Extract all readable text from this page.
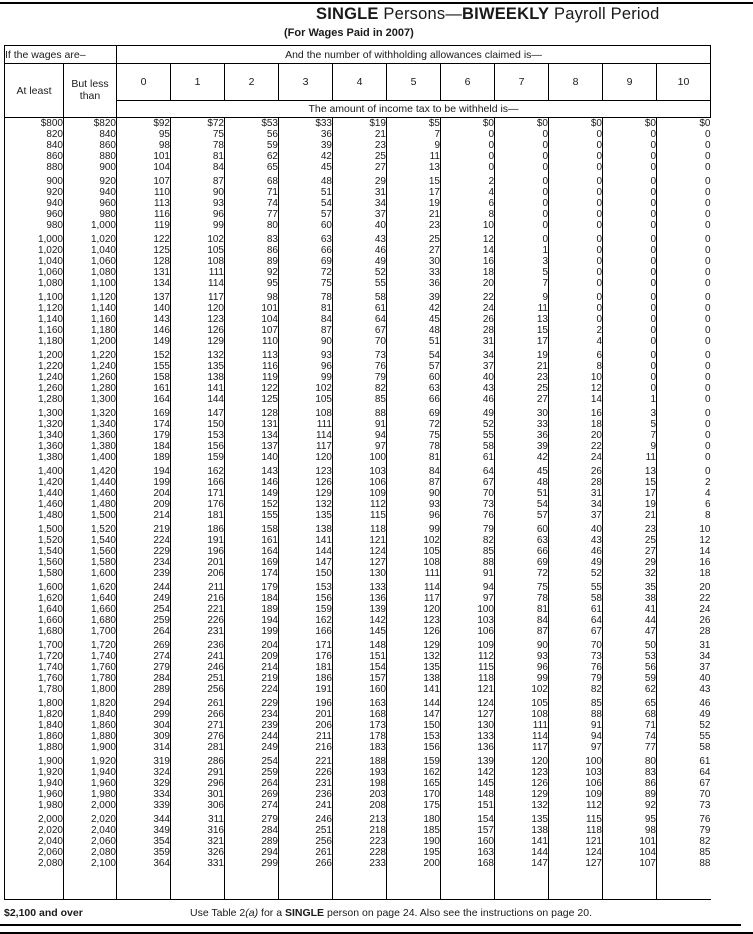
SINGLE Persons—BIWEEKLY Payroll Period
(For Wages Paid in 2007)
If the wages are–		And the number of withholding allowances claimed is—										
At least	But less
than	0	1	2	3	4	5	6	7	8	9	10
		The amount of income tax to be withheld is—										
$800	$820	$92	$72	$53	$33	$19	$5	$0	$0	$0	$0	$0
820	840	95	75	56	36	21	7	0	0	0	0	0
840	860	98	78	59	39	23	9	0	0	0	0	0
860	880	101	81	62	42	25	11	0	0	0	0	0
880	900	104	84	65	45	27	13	0	0	0	0	0

900	920	107	87	68	48	29	15	2	0	0	0	0
920	940	110	90	71	51	31	17	4	0	0	0	0
940	960	113	93	74	54	34	19	6	0	0	0	0
960	980	116	96	77	57	37	21	8	0	0	0	0
980	1,000	119	99	80	60	40	23	10	0	0	0	0

1,000	1,020	122	102	83	63	43	25	12	0	0	0	0
1,020	1,040	125	105	86	66	46	27	14	1	0	0	0
1,040	1,060	128	108	89	69	49	30	16	3	0	0	0
1,060	1,080	131	111	92	72	52	33	18	5	0	0	0
1,080	1,100	134	114	95	75	55	36	20	7	0	0	0

1,100	1,120	137	117	98	78	58	39	22	9	0	0	0
1,120	1,140	140	120	101	81	61	42	24	11	0	0	0
1,140	1,160	143	123	104	84	64	45	26	13	0	0	0
1,160	1,180	146	126	107	87	67	48	28	15	2	0	0
1,180	1,200	149	129	110	90	70	51	31	17	4	0	0

1,200	1,220	152	132	113	93	73	54	34	19	6	0	0
1,220	1,240	155	135	116	96	76	57	37	21	8	0	0
1,240	1,260	158	138	119	99	79	60	40	23	10	0	0
1,260	1,280	161	141	122	102	82	63	43	25	12	0	0
1,280	1,300	164	144	125	105	85	66	46	27	14	1	0

1,300	1,320	169	147	128	108	88	69	49	30	16	3	0
1,320	1,340	174	150	131	111	91	72	52	33	18	5	0
1,340	1,360	179	153	134	114	94	75	55	36	20	7	0
1,360	1,380	184	156	137	117	97	78	58	39	22	9	0
1,380	1,400	189	159	140	120	100	81	61	42	24	11	0

1,400	1,420	194	162	143	123	103	84	64	45	26	13	0
1,420	1,440	199	166	146	126	106	87	67	48	28	15	2
1,440	1,460	204	171	149	129	109	90	70	51	31	17	4
1,460	1,480	209	176	152	132	112	93	73	54	34	19	6
1,480	1,500	214	181	155	135	115	96	76	57	37	21	8

1,500	1,520	219	186	158	138	118	99	79	60	40	23	10
1,520	1,540	224	191	161	141	121	102	82	63	43	25	12
1,540	1,560	229	196	164	144	124	105	85	66	46	27	14
1,560	1,580	234	201	169	147	127	108	88	69	49	29	16
1,580	1,600	239	206	174	150	130	111	91	72	52	32	18

1,600	1,620	244	211	179	153	133	114	94	75	55	35	20
1,620	1,640	249	216	184	156	136	117	97	78	58	38	22
1,640	1,660	254	221	189	159	139	120	100	81	61	41	24
1,660	1,680	259	226	194	162	142	123	103	84	64	44	26
1,680	1,700	264	231	199	166	145	126	106	87	67	47	28

1,700	1,720	269	236	204	171	148	129	109	90	70	50	31
1,720	1,740	274	241	209	176	151	132	112	93	73	53	34
1,740	1,760	279	246	214	181	154	135	115	96	76	56	37
1,760	1,780	284	251	219	186	157	138	118	99	79	59	40
1,780	1,800	289	256	224	191	160	141	121	102	82	62	43

1,800	1,820	294	261	229	196	163	144	124	105	85	65	46
1,820	1,840	299	266	234	201	168	147	127	108	88	68	49
1,840	1,860	304	271	239	206	173	150	130	111	91	71	52
1,860	1,880	309	276	244	211	178	153	133	114	94	74	55
1,880	1,900	314	281	249	216	183	156	136	117	97	77	58

1,900	1,920	319	286	254	221	188	159	139	120	100	80	61
1,920	1,940	324	291	259	226	193	162	142	123	103	83	64
1,940	1,960	329	296	264	231	198	165	145	126	106	86	67
1,960	1,980	334	301	269	236	203	170	148	129	109	89	70
1,980	2,000	339	306	274	241	208	175	151	132	112	92	73

2,000	2,020	344	311	279	246	213	180	154	135	115	95	76
2,020	2,040	349	316	284	251	218	185	157	138	118	98	79
2,040	2,060	354	321	289	256	223	190	160	141	121	101	82
2,060	2,080	359	326	294	261	228	195	163	144	124	104	85
2,080	2,100	364	331	299	266	233	200	168	147	127	107	88

$2,100 and over	Use Table 2(a) for a SINGLE person on page 24. Also see the instructions on page 20.
